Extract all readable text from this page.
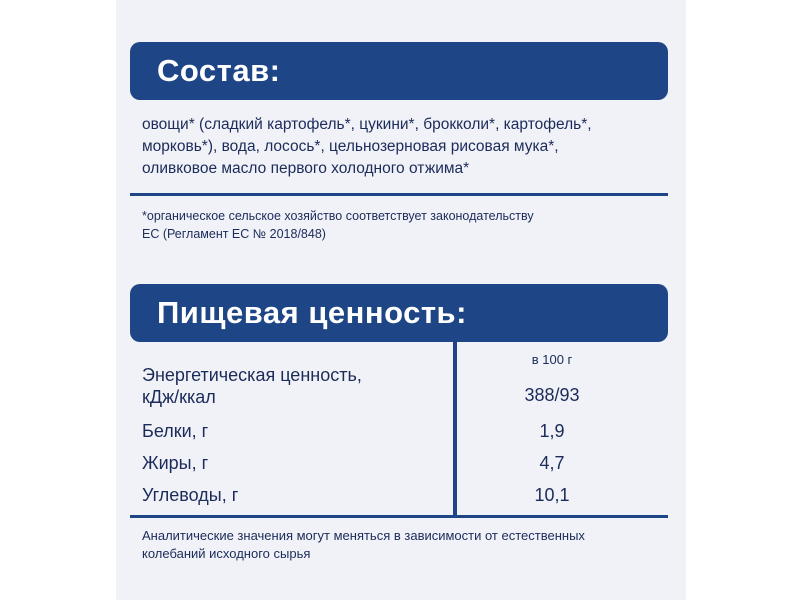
Состав:
овощи* (сладкий картофель*, цукини*, брокколи*, картофель*,
морковь*), вода, лосось*, цельнозерновая рисовая мука*,
оливковое масло первого холодного отжима*
*органическое сельское хозяйство соответствует законодательству
ЕС (Регламент ЕС № 2018/848)
Пищевая ценность:
в 100 г
Энергетическая ценность,
кДж/ккал	388/93
Белки, г	1,9
Жиры, г	4,7
Углеводы, г	10,1
Аналитические значения могут меняться в зависимости от естественных
колебаний исходного сырья
